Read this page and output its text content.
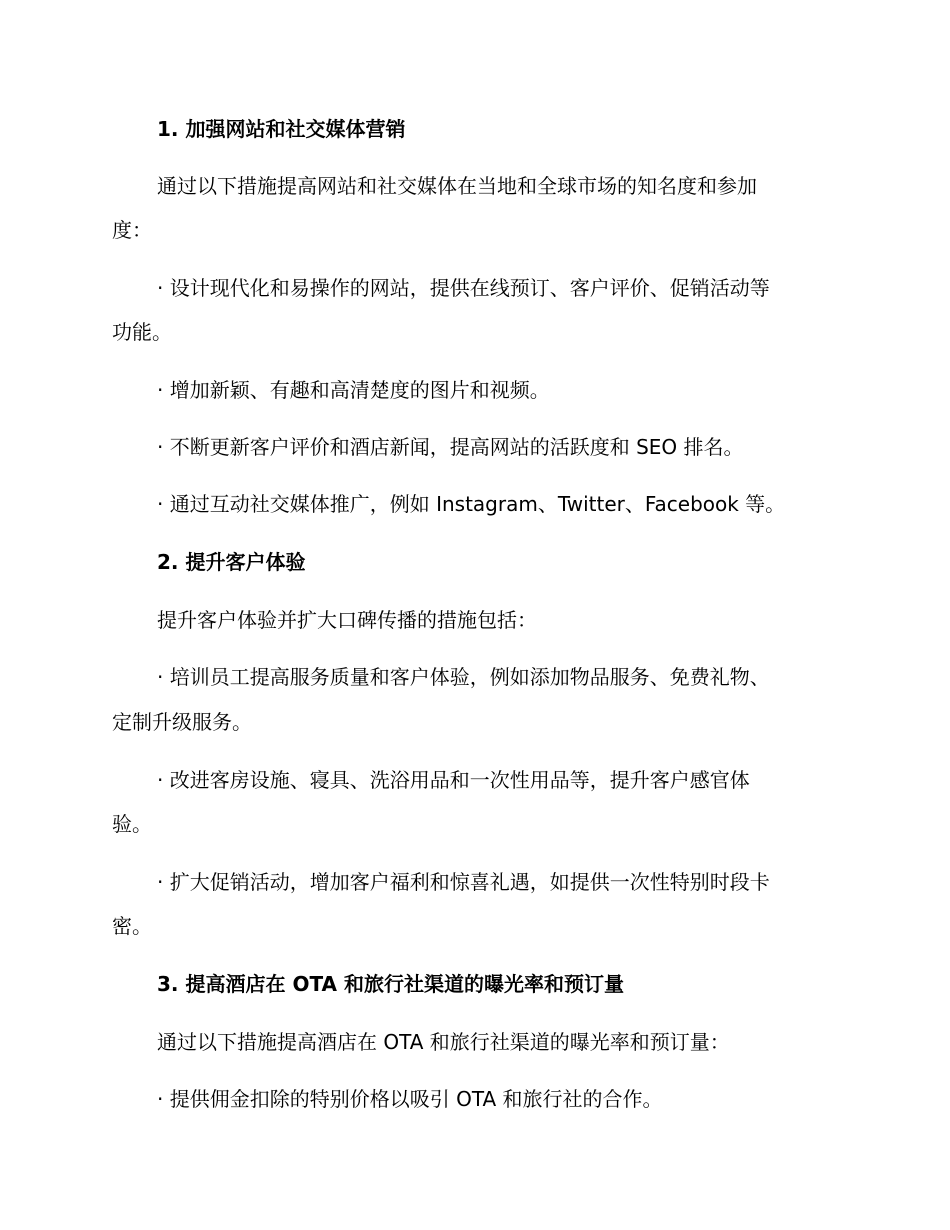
1. 加强网站和社交媒体营销
通过以下措施提高网站和社交媒体在当地和全球市场的知名度和参加
度：
· 设计现代化和易操作的网站，提供在线预订、客户评价、促销活动等
功能。
· 增加新颖、有趣和高清楚度的图片和视频。
· 不断更新客户评价和酒店新闻，提高网站的活跃度和 SEO 排名。
· 通过互动社交媒体推广，例如 Instagram、Twitter、Facebook 等。
2. 提升客户体验
提升客户体验并扩大口碑传播的措施包括：
· 培训员工提高服务质量和客户体验，例如添加物品服务、免费礼物、
定制升级服务。
· 改进客房设施、寝具、洗浴用品和一次性用品等，提升客户感官体
验。
· 扩大促销活动，增加客户福利和惊喜礼遇，如提供一次性特别时段卡
密。
3. 提高酒店在 OTA 和旅行社渠道的曝光率和预订量
通过以下措施提高酒店在 OTA 和旅行社渠道的曝光率和预订量：
· 提供佣金扣除的特别价格以吸引 OTA 和旅行社的合作。
